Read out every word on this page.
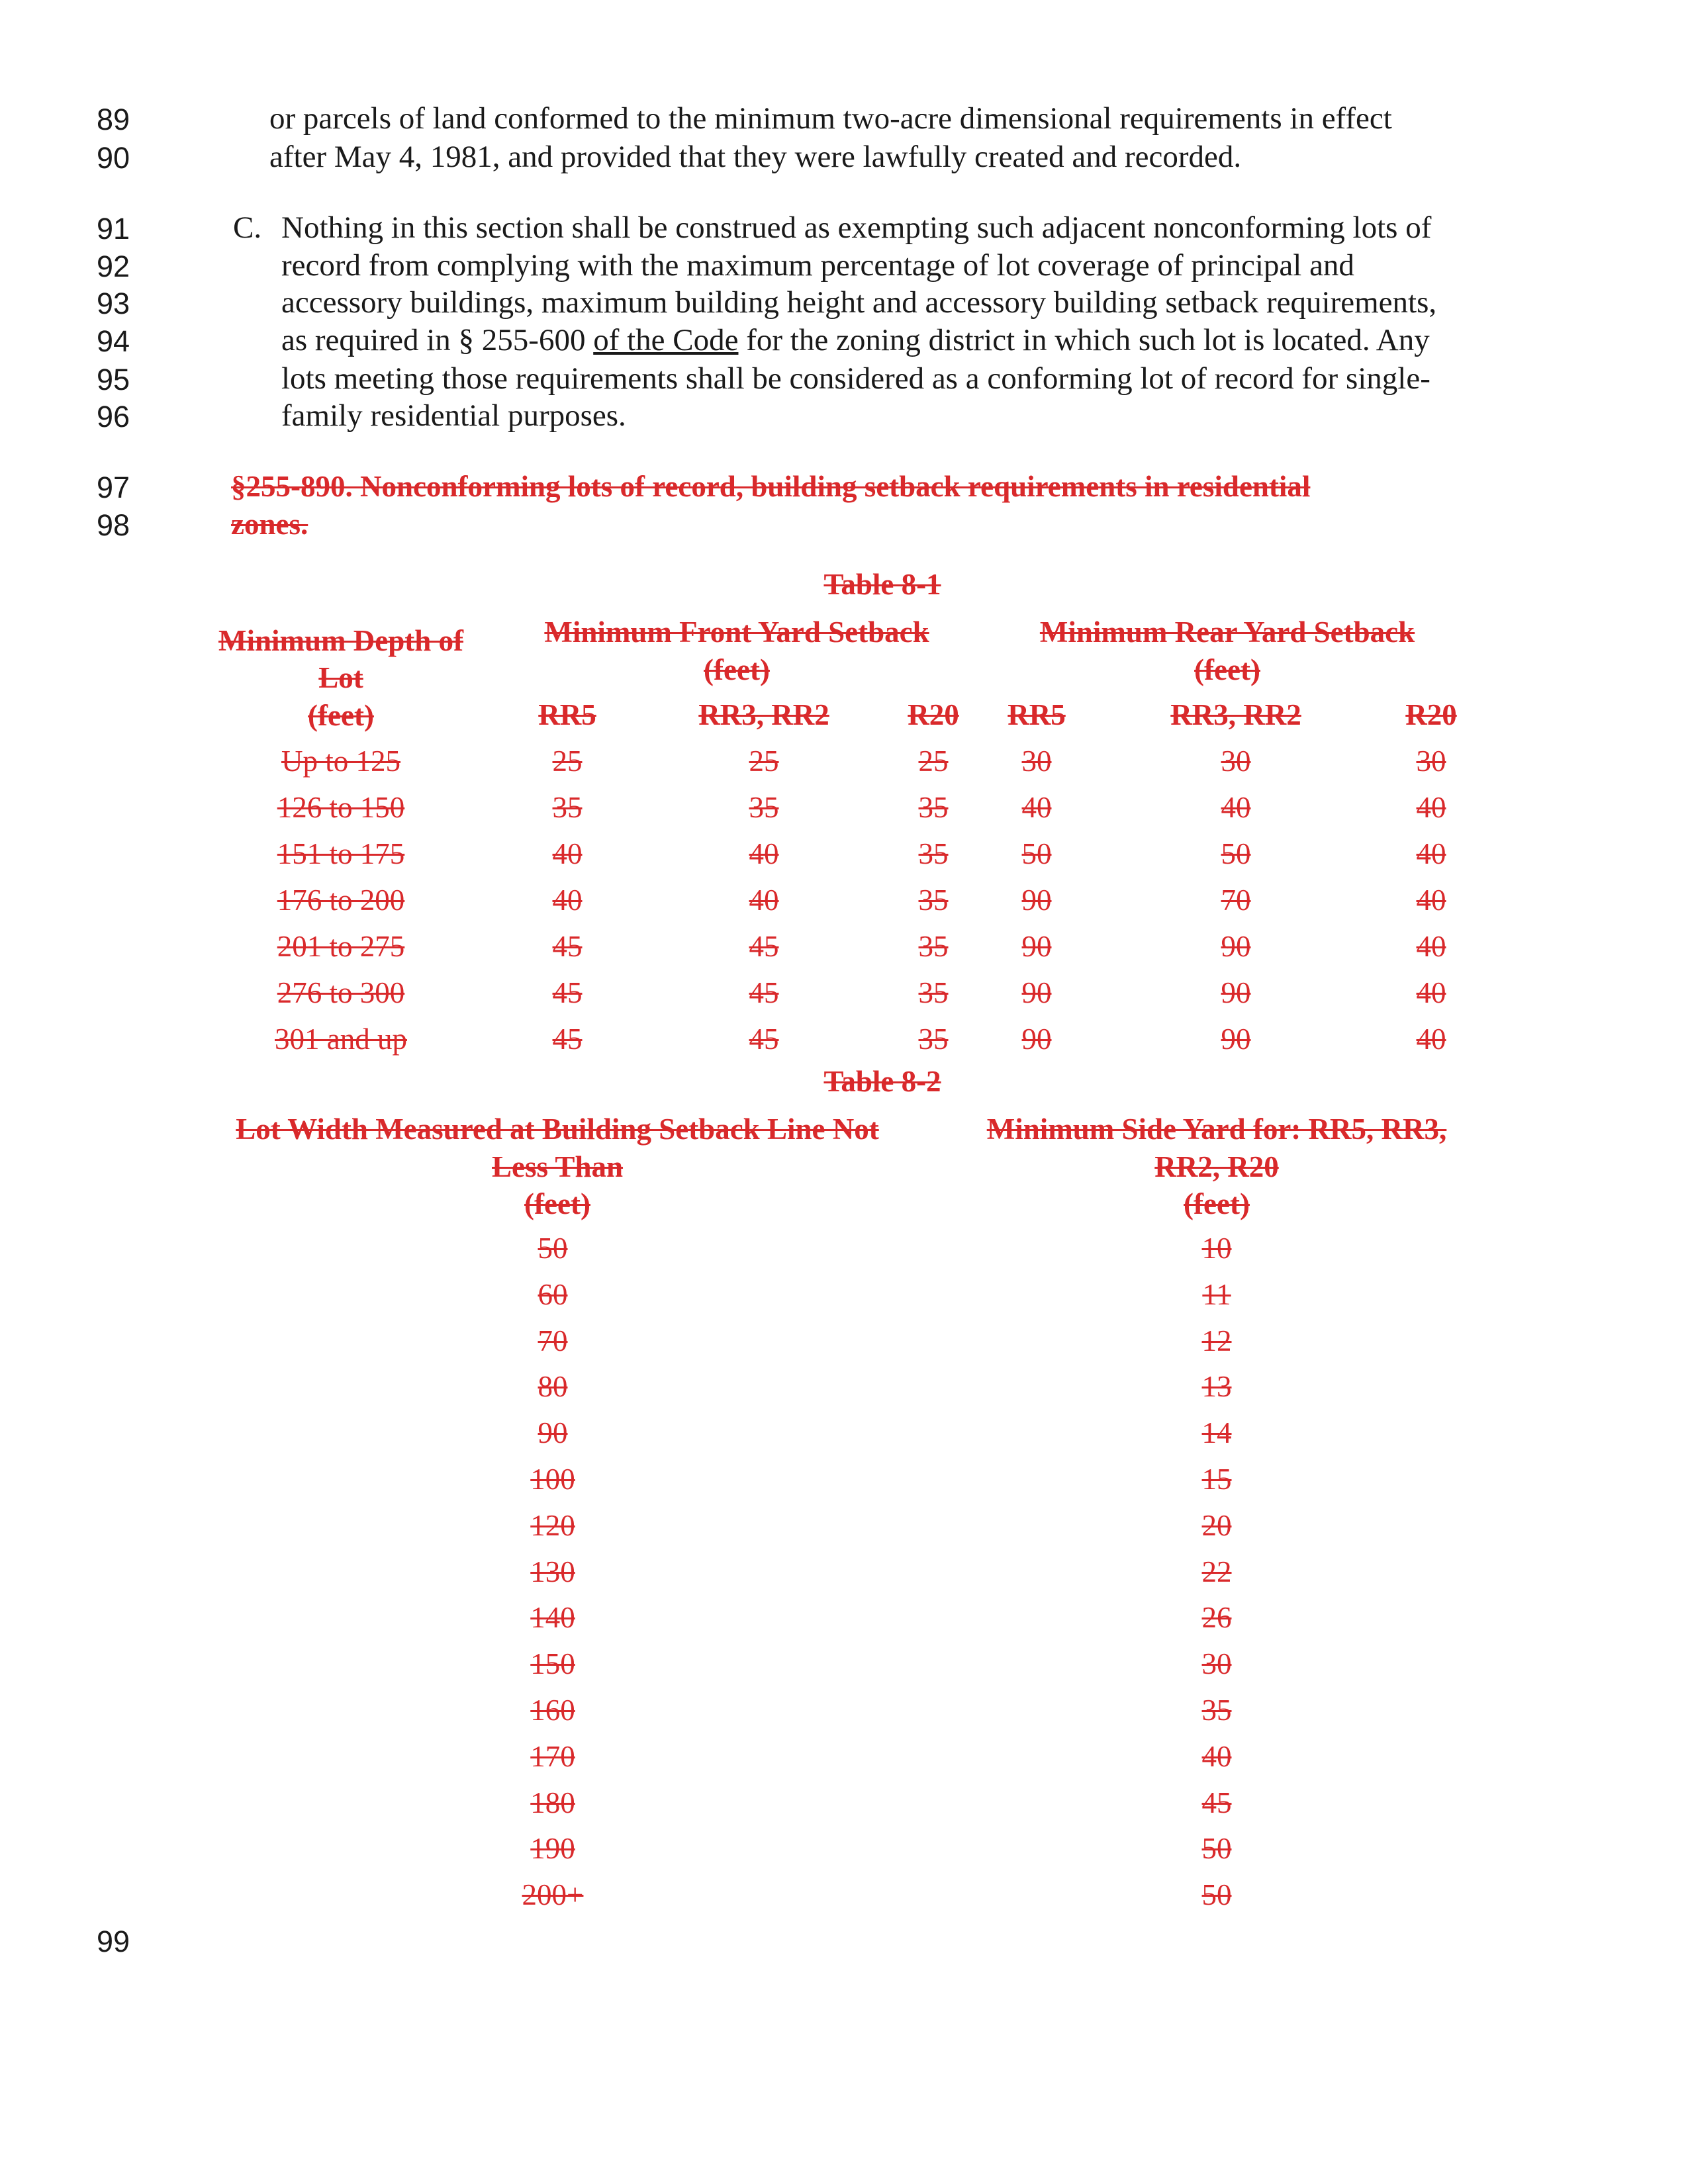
89
90
91
92
93
94
95
96
97
98
99
or parcels of land conformed to the minimum two-acre dimensional requirements in effect
after May 4, 1981, and provided that they were lawfully created and recorded.
C. Nothing in this section shall be construed as exempting such adjacent nonconforming lots of
record from complying with the maximum percentage of lot coverage of principal and
accessory buildings, maximum building height and accessory building setback requirements,
as required in § 255-600 of the Code for the zoning district in which such lot is located. Any
lots meeting those requirements shall be considered as a conforming lot of record for single-
family residential purposes.
§255-890. Nonconforming lots of record, building setback requirements in residential
zones.
Table 8-1
Minimum Depth of
Lot
(feet)
Minimum Front Yard Setback
(feet)
Minimum Rear Yard Setback
(feet)
RR5	RR3, RR2	R20 RR5	RR3, RR2	R20
Up to 125	25	25	25 30	30	30
126 to 150	35	35	35 40	40	40
151 to 175	40	40	35 50	50	40
176 to 200	40	40	35 90	70	40
201 to 275	45	45	35 90	90	40
276 to 300	45	45	35 90	90	40
301 and up	45	45	35 90	90	40
Table 8-2
Lot Width Measured at Building Setback Line Not
Less Than
(feet)
Minimum Side Yard for: RR5, RR3,
RR2, R20
(feet)
50	10
60	11
70	12
80	13
90	14
100	15
120	20
130	22
140	26
150	30
160	35
170	40
180	45
190	50
200+	50
